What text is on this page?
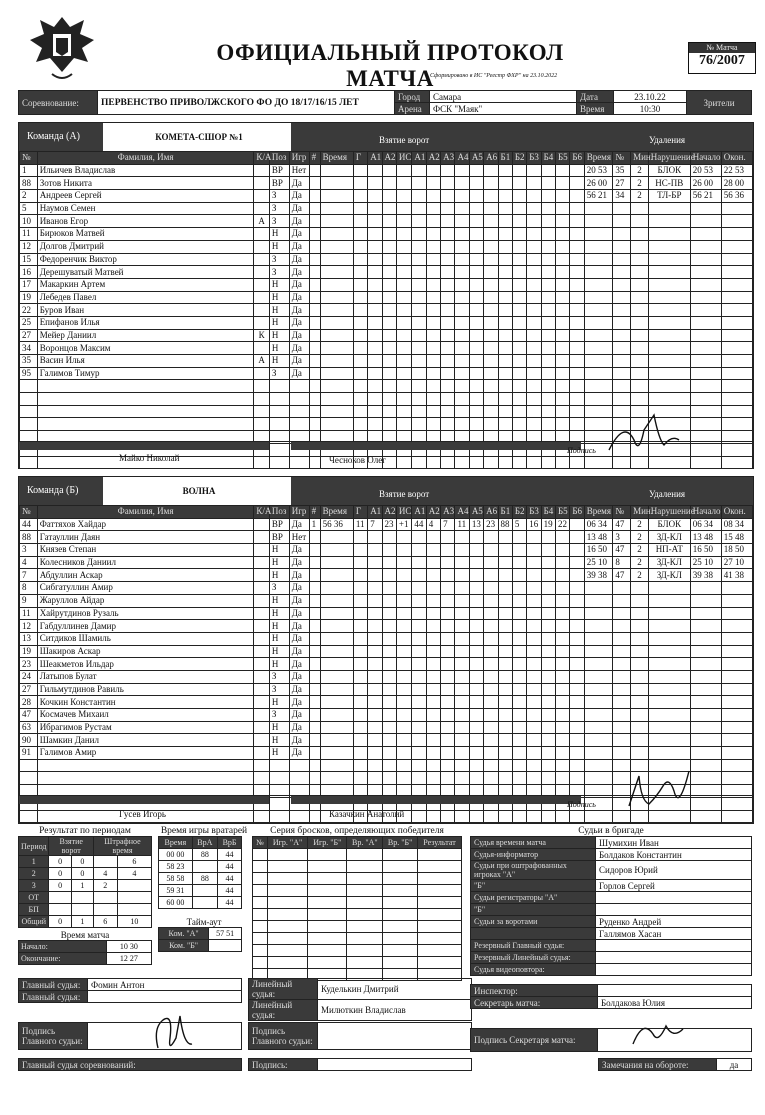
ОФИЦИАЛЬНЫЙ ПРОТОКОЛ МАТЧА
Сформировано в ИС "Реестр ФХР" на 23.10.2022
№ Матча
76/2007
Соревнование:	ПЕРВЕНСТВО ПРИВОЛЖСКОГО ФО ДО 18/17/16/15 ЛЕТ	Город	Самара	Дата	23.10.22	Зрители
		Арена	ФСК "Маяк"	Время	10:30	
Команда (А)	КОМЕТА-СШОР №1	Взятие ворот	Удаления
№	Фамилия, Имя	К/А	Поз	Игр	#	Время	Г	А1	А2	ИС	А1	А2	А3	А4	А5	А6	Б1	Б2	Б3	Б4	Б5	Б6	Время	№	Мин.	Нарушение	Начало	Окон.
1	Ильичев Владислав		ВР	Нет																			20 53	35	2	БЛОК	20 53	22 53
88	Зотов Никита		ВР	Да																			26 00	27	2	НС-ПВ	26 00	28 00
2	Андреев Сергей		З	Да																			56 21	34	2	ТЛ-БР	56 21	56 36
5	Наумов Семен		З	Да																								
10	Иванов Егор	А	З	Да																								
11	Бирюков Матвей		Н	Да																								
12	Долгов Дмитрий		Н	Да																								
15	Федоренчик Виктор		З	Да																								
16	Дерешуватый Матвей		З	Да																								
17	Макаркин Артем		Н	Да																								
19	Лебедев Павел		Н	Да																								
22	Буров Иван		Н	Да																								
25	Епифанов Илья		Н	Да																								
27	Мейер Даниил	К	Н	Да																								
34	Воронцов Максим		Н	Да																								
35	Васин Илья	А	Н	Да																								
95	Галимов Тимур		З	Да																								

Майко Николай	Чесноков Олег
Подпись
Команда (Б)	ВОЛНА	Взятие ворот	Удаления
№	Фамилия, Имя	К/А	Поз	Игр	#	Время	Г	А1	А2	ИС	А1	А2	А3	А4	А5	А6	Б1	Б2	Б3	Б4	Б5	Б6	Время	№	Мин.	Нарушение	Начало	Окон.
44	Фаттяхов Хайдар		ВР	Да	1	56 36	11	7	23	+1	44	4	7	11	13	23	88	5	16	19	22		06 34	47	2	БЛОК	06 34	08 34
88	Гатауллин Даян		ВР	Нет																			13 48	3	2	ЗД-КЛ	13 48	15 48
3	Князев Степан		Н	Да																			16 50	47	2	НП-АТ	16 50	18 50
4	Колесников Даниил		Н	Да																			25 10	8	2	ЗД-КЛ	25 10	27 10
7	Абдуллин Аскар		Н	Да																			39 38	47	2	ЗД-КЛ	39 38	41 38
8	Сибгатуллин Амир		З	Да																								
9	Жаруллов Айдар		Н	Да																								
11	Хайрутдинов Рузаль		Н	Да																								
12	Габдуллинев Дамир		Н	Да																								
13	Ситдиков Шамиль		Н	Да																								
19	Шакиров Аскар		Н	Да																								
23	Шеакметов Ильдар		Н	Да																								
24	Латыпов Булат		З	Да																								
27	Гильмутдинов Равиль		З	Да																								
28	Кочкин Константин		Н	Да																								
47	Космачев Михаил		З	Да																								
63	Ибрагимов Рустам		Н	Да																								
90	Шамкин Данил		Н	Да																								
91	Галимов Амир		Н	Да																								

Гусев Игорь	Казачкин Анатолий
Подпись
Результат по периодам
Период	Взятие ворот		Штрафное время	
1	0	0		6
2	0	0	4	4
3	0	1	2	
ОТ				
БП				
Общий	0	1	6	10
Время матча
Начало:	10 30
Окончание:	12 27
Время игры вратарей
Время	ВрА	ВрБ
00 00	88	44
58 23		44
58 58	88	44
59 31		44
60 00		44
Тайм-аут
Ком. "А"	57 51
Ком. "Б"	
Серия бросков, определяющих победителя
№	Игр. "А"	Игр. "Б"	Вр. "А"	Вр. "Б"	Результат

Судьи в бригаде
Судья времени матча	Шумихин Иван
Судья-информатор	Болдаков Константин
Судьи при оштрафованных игроках "А"	Сидоров Юрий
"Б"	Горлов Сергей
Судьи регистраторы "А"	
"Б"	
Судьи за воротами	Руденко Андрей
	Галлямов Хасан
Резервный Главный судья:	
Резервный Линейный судья:	
Судья видеоповтора:	
Главный судья:	Фомин Антон
Главный судья:	
Линейный судья:	Куделькин Дмитрий
Линейный судья:	Милюткин Владислав
Инспектор:	
Секретарь матча:	Болдакова Юлия
Подпись Главного судьи:	
Подпись Главного судьи:		Подпись Секретаря матча:	
Главный судья соревнований:	Подпись:		Замечания на обороте:	да
